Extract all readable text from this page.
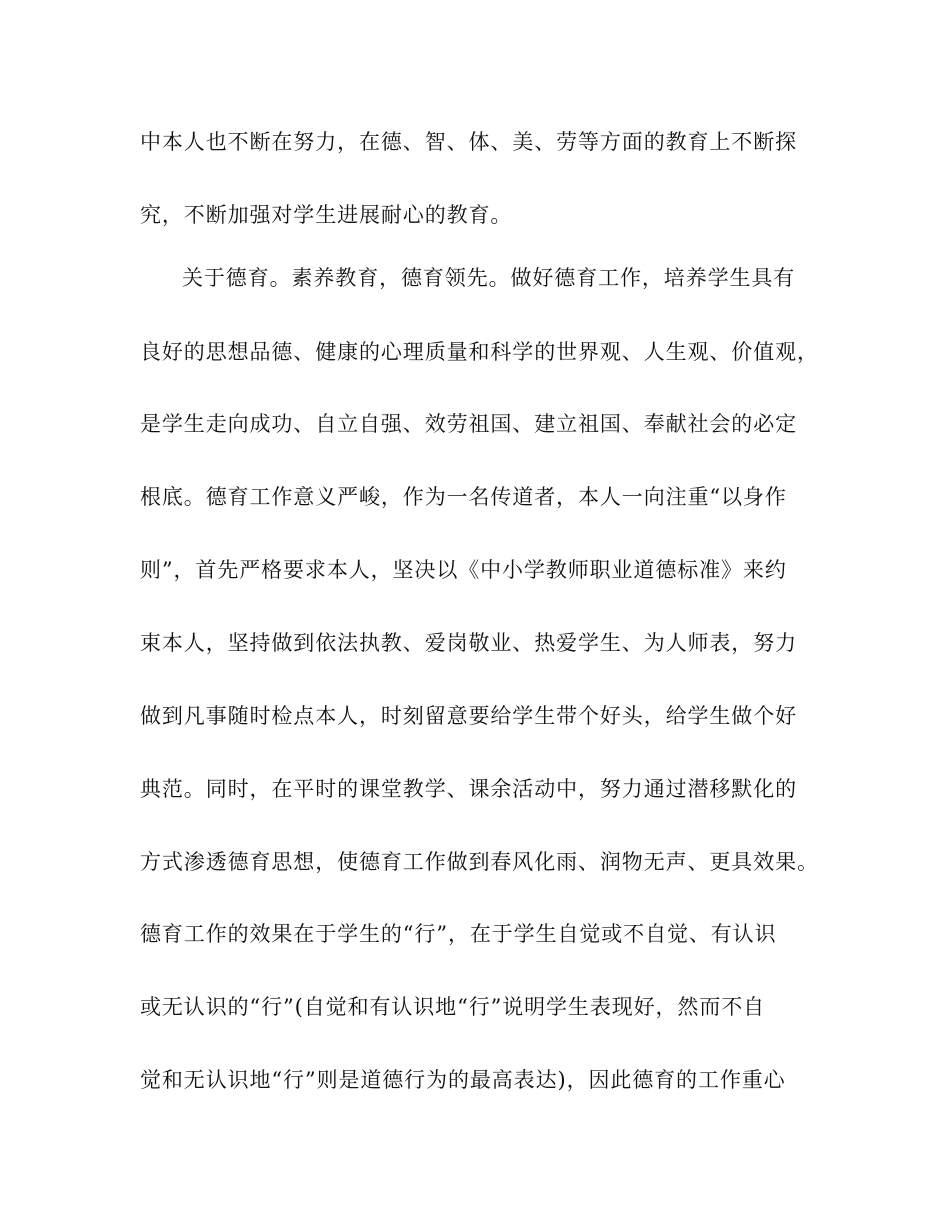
中本人也不断在努力，在德、智、体、美、劳等方面的教育上不断探
究，不断加强对学生进展耐心的教育。
关于德育。素养教育，德育领先。做好德育工作，培养学生具有
良好的思想品德、健康的心理质量和科学的世界观、人生观、价值观，
是学生走向成功、自立自强、效劳祖国、建立祖国、奉献社会的必定
根底。德育工作意义严峻，作为一名传道者，本人一向注重“以身作
则”，首先严格要求本人，坚决以《中小学教师职业道德标准》来约
束本人，坚持做到依法执教、爱岗敬业、热爱学生、为人师表，努力
做到凡事随时检点本人，时刻留意要给学生带个好头，给学生做个好
典范。同时，在平时的课堂教学、课余活动中，努力通过潜移默化的
方式渗透德育思想，使德育工作做到春风化雨、润物无声、更具效果。
德育工作的效果在于学生的“行”，在于学生自觉或不自觉、有认识
或无认识的“行”(自觉和有认识地“行”说明学生表现好，然而不自
觉和无认识地“行”则是道德行为的最高表达)，因此德育的工作重心
